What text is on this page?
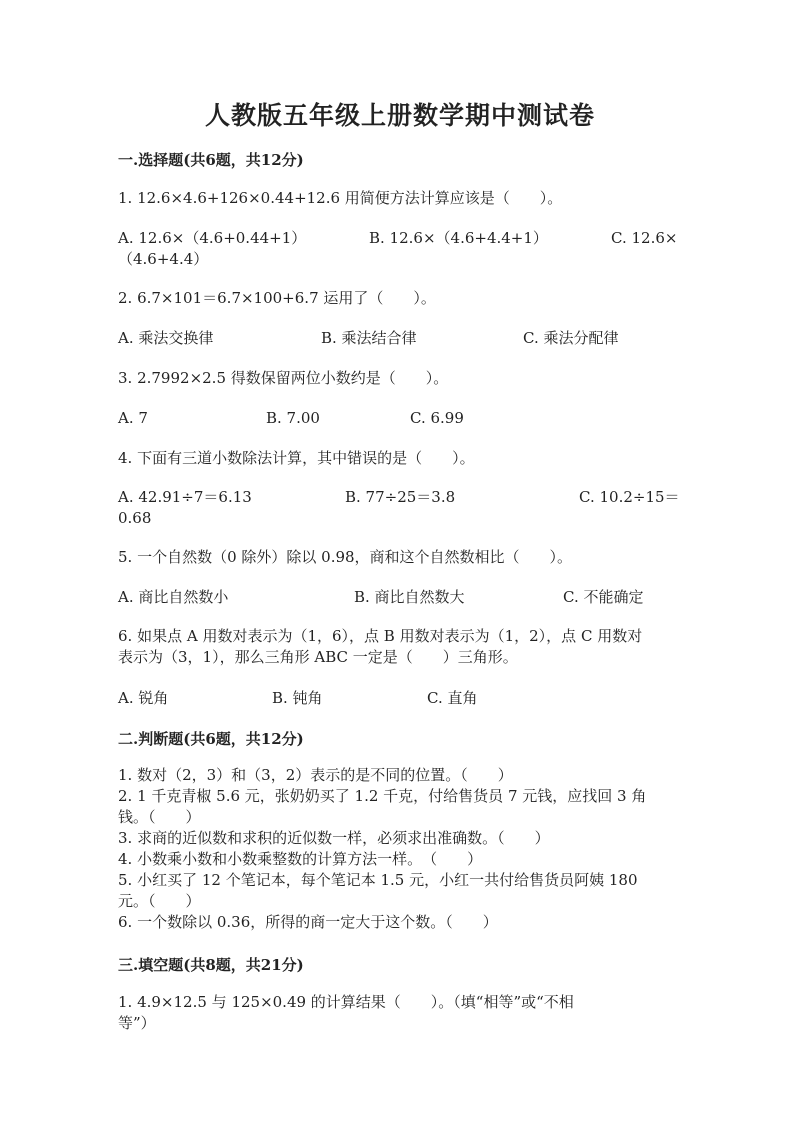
人教版五年级上册数学期中测试卷
一.选择题(共6题，共12分)
1. 12.6×4.6+126×0.44+12.6 用简便方法计算应该是（　　）。
A. 12.6×（4.6+0.44+1）	B. 12.6×（4.6+4.4+1）	C. 12.6×
（4.6+4.4）
2. 6.7×101＝6.7×100+6.7 运用了（　　）。
A. 乘法交换律	B. 乘法结合律	C. 乘法分配律
3. 2.7992×2.5 得数保留两位小数约是（　　）。
A. 7	B. 7.00	C. 6.99
4. 下面有三道小数除法计算，其中错误的是（　　）。
A. 42.91÷7＝6.13	B. 77÷25＝3.8	C. 10.2÷15＝
0.68
5. 一个自然数（0 除外）除以 0.98，商和这个自然数相比（　　）。
A. 商比自然数小	B. 商比自然数大	C. 不能确定
6. 如果点 A 用数对表示为（1，6），点 B 用数对表示为（1，2），点 C 用数对
表示为（3，1），那么三角形 ABC 一定是（　　）三角形。
A. 锐角	B. 钝角	C. 直角
二.判断题(共6题，共12分)
1. 数对（2，3）和（3，2）表示的是不同的位置。（　　）
2. 1 千克青椒 5.6 元，张奶奶买了 1.2 千克，付给售货员 7 元钱，应找回 3 角
钱。（　　）
3. 求商的近似数和求积的近似数一样，必须求出准确数。（　　）
4. 小数乘小数和小数乘整数的计算方法一样。　（　　）
5. 小红买了 12 个笔记本，每个笔记本 1.5 元，小红一共付给售货员阿姨 180
元。（　　）
6. 一个数除以 0.36，所得的商一定大于这个数。（　　）
三.填空题(共8题，共21分)
1. 4.9×12.5 与 125×0.49 的计算结果（　　）。（填“相等”或“不相
等”）
